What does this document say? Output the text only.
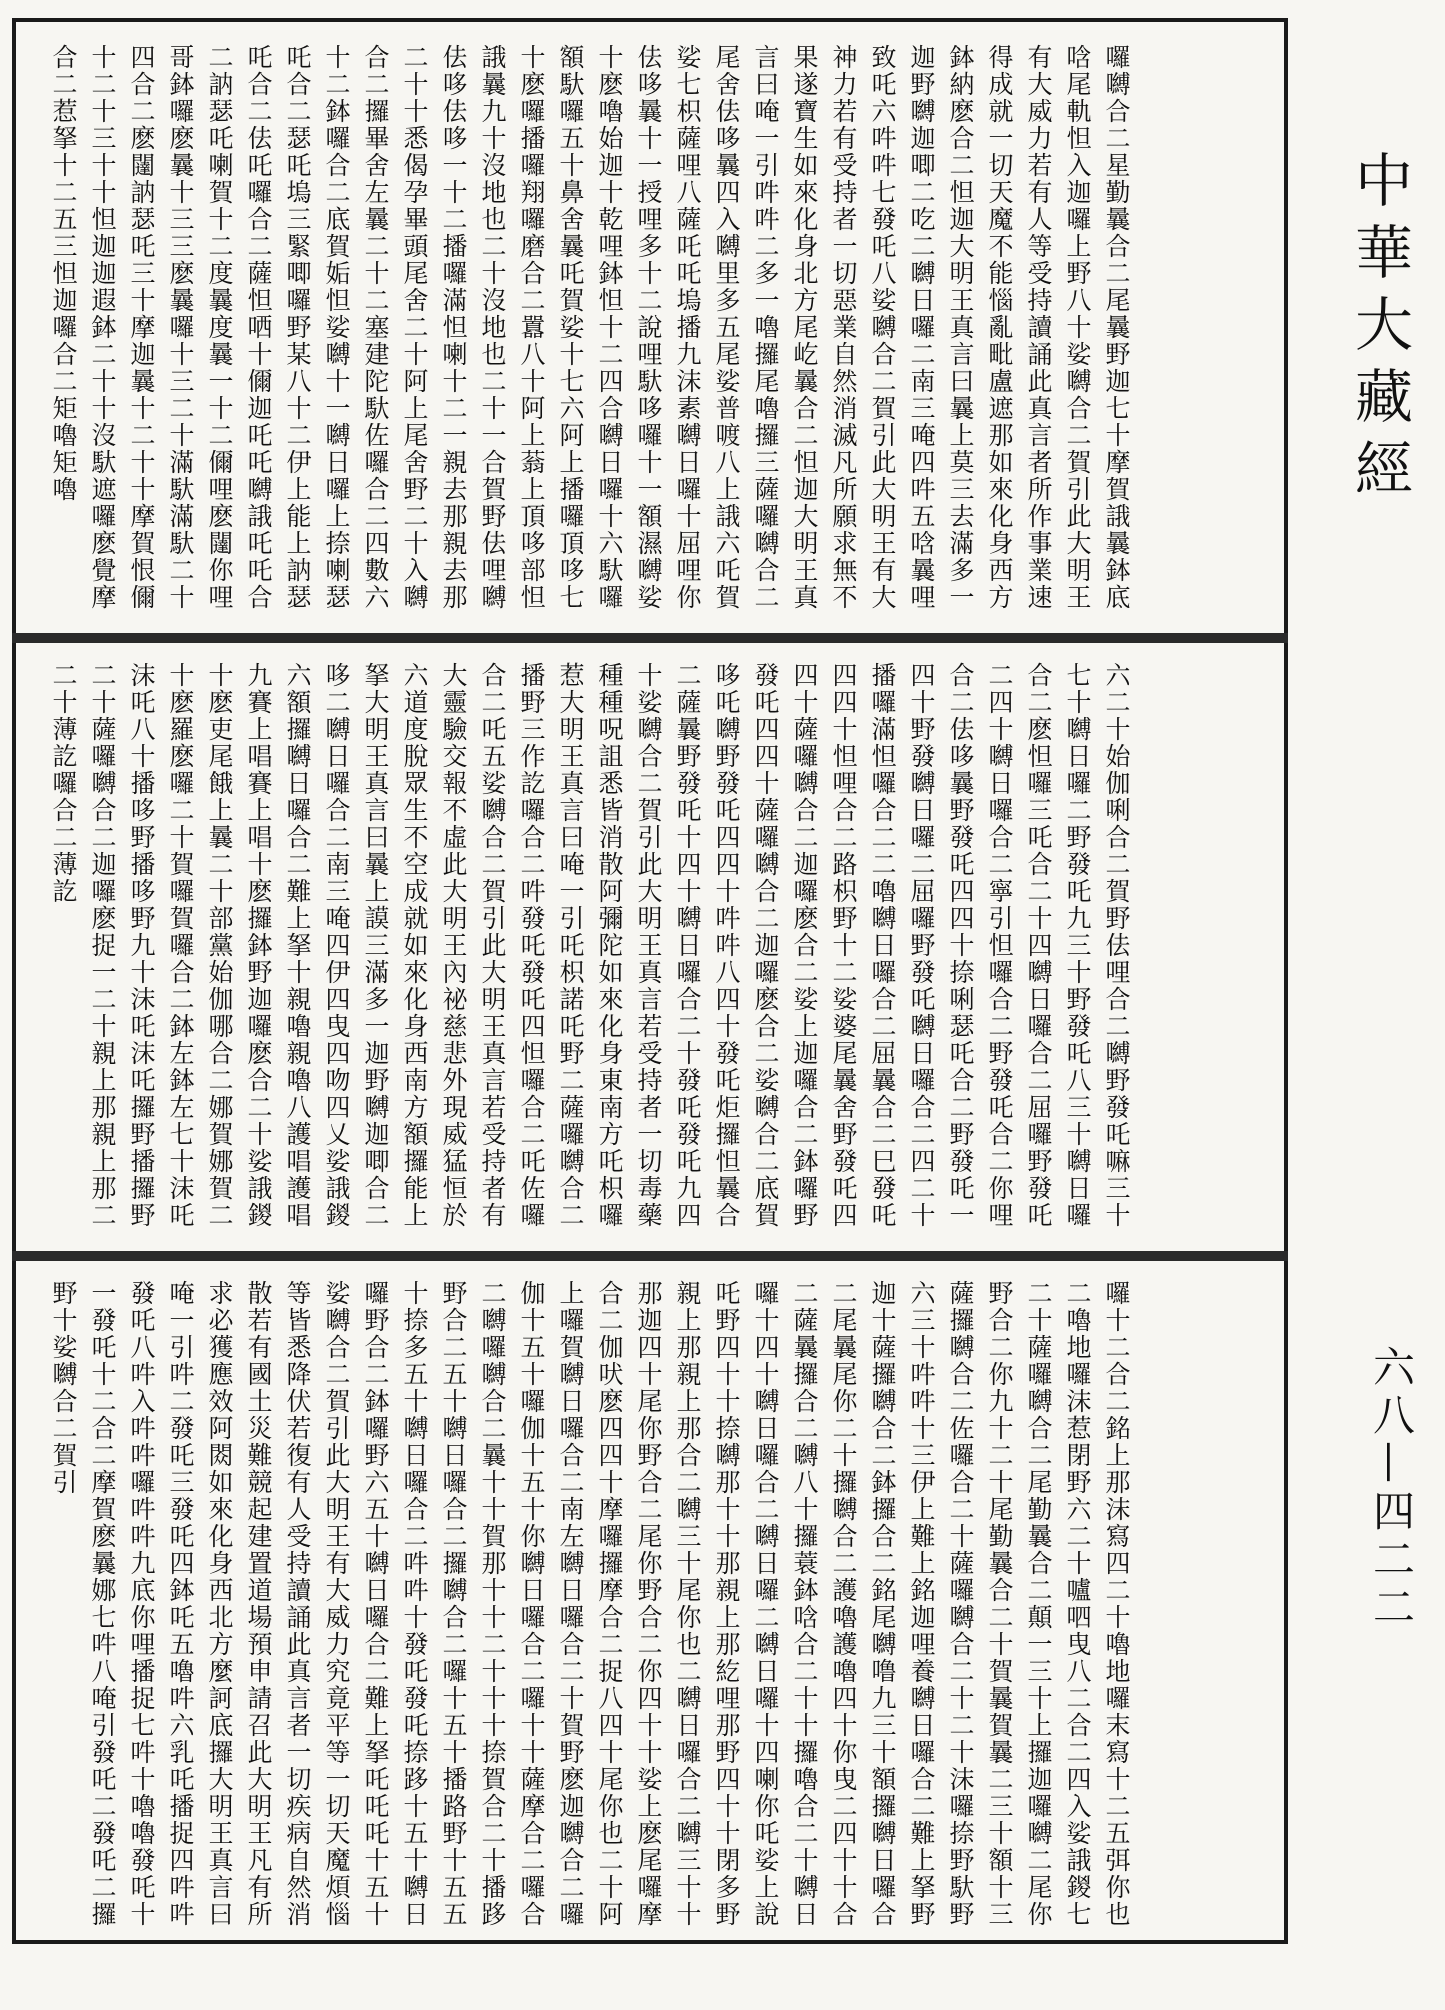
中華大藏經
六八—四二二
囉嚩合二星勤曩合二尾曩野迦七十摩賀誐曩鉢底唅尾軌怛入迦囉上野八十娑嚩合二賀引此大明王有大威力若有人等受持讀誦此真言者所作事業速得成就一切天魔不能惱亂毗盧遮那如來化身西方鉢納麽合二怛迦大明王真言曰曩上莫三去滿多一迦野嚩迦唧二吃二嚩日囉二南三唵四吽五唅曩哩致吒六吽吽七發吒八娑嚩合二賀引此大明王有大神力若有受持者一切惡業自然消滅凡所願求無不果遂寶生如來化身北方尾屹曩合二怛迦大明王真言曰唵一引吽吽二多一嚕攞尾嚕攞三薩囉嚩合二尾舍佉哆曩四入嚩里多五尾娑普喥八上誐六吒賀娑七枳薩哩八薩吒吒塢播九沫素嚩日囉十屈哩你佉哆曩十一授哩多十二說哩馱哆囉十一額濕嚩娑十麽嚕始迦十乾哩鉢怛十二四合嚩日囉十六馱囉額馱囉五十鼻舍曩吒賀娑十七六阿上播囉頂哆七十麽囉播囉翔囉磨合二囂八十阿上蓊上頂哆部怛誐曩九十沒地也二十沒地也二十一合賀野佉哩嚩佉哆佉哆一十二播囉滿怛喇十二一親去那親去那二十十悉偈孕畢頭尾舍二十阿上尾舍野二十入嚩合二攞畢舍左曩二十二塞建陀馱佐囉合二四數六十二鉢囉合二底賀姤怛娑嚩十一嚩日囉上捺喇瑟吒合二瑟吒塢三緊唧囉野某八十二伊上能上訥瑟吒合二佉吒囉合二薩怛哂十儞迦吒吒嚩誐吒吒合二訥瑟吒喇賀十二度曩度曩一十二儞哩麽闥你哩哥鉢囉麽曩十三三麽曩囉十三二十滿馱滿馱二十四合二麽闥訥瑟吒三十摩迦曩十二十十摩賀恨儞十二十三十十怛迦迦遐鉢二十十沒馱遮囉麽覺摩合二惹拏十二五三怛迦囉合二矩嚕矩嚕
六二十始伽唎合二賀野佉哩合二嚩野發吒嘛三十七十嚩日囉二野發吒九三十野發吒八三十嚩日囉合二麽怛囉三吒合二十四嚩日囉合二屈囉野發吒二四十嚩日囉合二寧引怛囉合二野發吒合二你哩合二佉哆曩野發吒四四十捺唎瑟吒合二野發吒一四十野發嚩日囉二屈囉野發吒嚩日囉合二四二十播囉滿怛囉合二二嚕嚩日囉合二屈曩合二巳發吒四四十怛哩合二路枳野十二娑婆尾曩舍野發吒四四十薩囉嚩合二迦囉麽合二娑上迦囉合二鉢囉野發吒四四十薩囉嚩合二迦囉麽合二娑嚩合二底賀哆吒嚩野發吒四四十吽吽八四十發吒炬攞怛曩合二薩曩野發吒十四十嚩日囉合二十發吒發吒九四十娑嚩合二賀引此大明王真言若受持者一切毒藥種種呪詛悉皆消散阿彌陀如來化身東南方吒枳囉惹大明王真言曰唵一引吒枳諾吒野二薩囉嚩合二播野三作訖囉合二吽發吒發吒四怛囉合二吒佐囉合二吒五娑嚩合二賀引此大明王真言若受持者有大靈驗交報不虛此大明王內祕慈悲外現威猛恒於六道度脫眾生不空成就如來化身西南方額攞能上拏大明王真言曰曩上謨三滿多一迦野嚩迦唧合二哆二嚩日囉合二南三唵四伊四曳四吻四乂娑誐鍐六額攞嚩日囉合二難上拏十親嚕親嚕八護唱護唱九賽上唱賽上唱十麽攞鉢野迦囉麽合二十娑誐鍐十麽吏尾餓上曩二十部黨始伽哪合二娜賀娜賀二十麽羅麽囉二十賀囉賀囉合二鉢左鉢左七十沫吒沫吒八十播哆野播哆野九十沫吒沫吒攞野播攞野二十薩囉嚩合二迦囉麽捉一二十親上那親上那二二十薄訖囉合二薄訖
囉十二合二銘上那沫寫四二十嚕地囉末寫十二五弭你也二嚕地囉沫惹閉野六二十嚧呬曳八二合二四入娑誐鍐七二十薩囉嚩合二尾勤曩合二顛一三十上攞迦囉嚩二尾你野合二你九十二十尾勤曩合二十賀曩賀曩二三十額十三薩攞嚩合二佐囉合二十薩囉嚩合二十二十沫囉捺野馱野六三十吽吽十三伊上難上銘迦哩養嚩日囉合二難上拏野迦十薩攞嚩合二鉢攞合二銘尾嚩噜九三十額攞嚩日囉合二尾曩尾你二十攞嚩合二護嚕護嚕四十你曳二四十十合二薩曩攞合二嚩八十攞蓑鉢唅合二十十攞嚕合二十嚩日囉十四十嚩日囉合二嚩日囉二嚩日囉十四喇你吒娑上說吒野四十十捺嚩那十十那親上那紇哩那野四十十閉多野親上那親上那合二嚩三十尾你也二嚩日囉合二嚩三十十那迦四十尾你野合二尾你野合二你四十十娑上麽尾囉摩合二伽吠麽四四十摩囉攞摩合二捉八四十尾你也二十阿上囉賀嚩日囉合二南左嚩日囉合二十賀野麽迦嚩合二囉伽十五十囉伽十五十你嚩日囉合二囉十十薩摩合二囉合二嚩囉嚩合二曩十十賀那十十二十十十捺賀合二十播跢野合二五十嚩日囉合二攞嚩合二囉十五十播路野十五五十捺多五十嚩日囉合二吽吽十發吒發吒捺跢十五十嚩日囉野合二鉢囉野六五十嚩日囉合二難上拏吒吒吒十五十娑嚩合二賀引此大明王有大威力究竟平等一切天魔煩惱等皆悉降伏若復有人受持讀誦此真言者一切疾病自然消散若有國土災難競起建置道場預申請召此大明王凡有所求必獲應效阿閦如來化身西北方麼訶底攞大明王真言曰唵一引吽二發吒三發吒四鉢吒五嚕吽六乳吒播捉四吽吽發吒八吽入吽吽囉吽吽九底你哩播捉七吽十嚕嚕發吒十一發吒十二合二摩賀麽曩娜七吽八唵引發吒二發吒二攞野十娑嚩合二賀引
